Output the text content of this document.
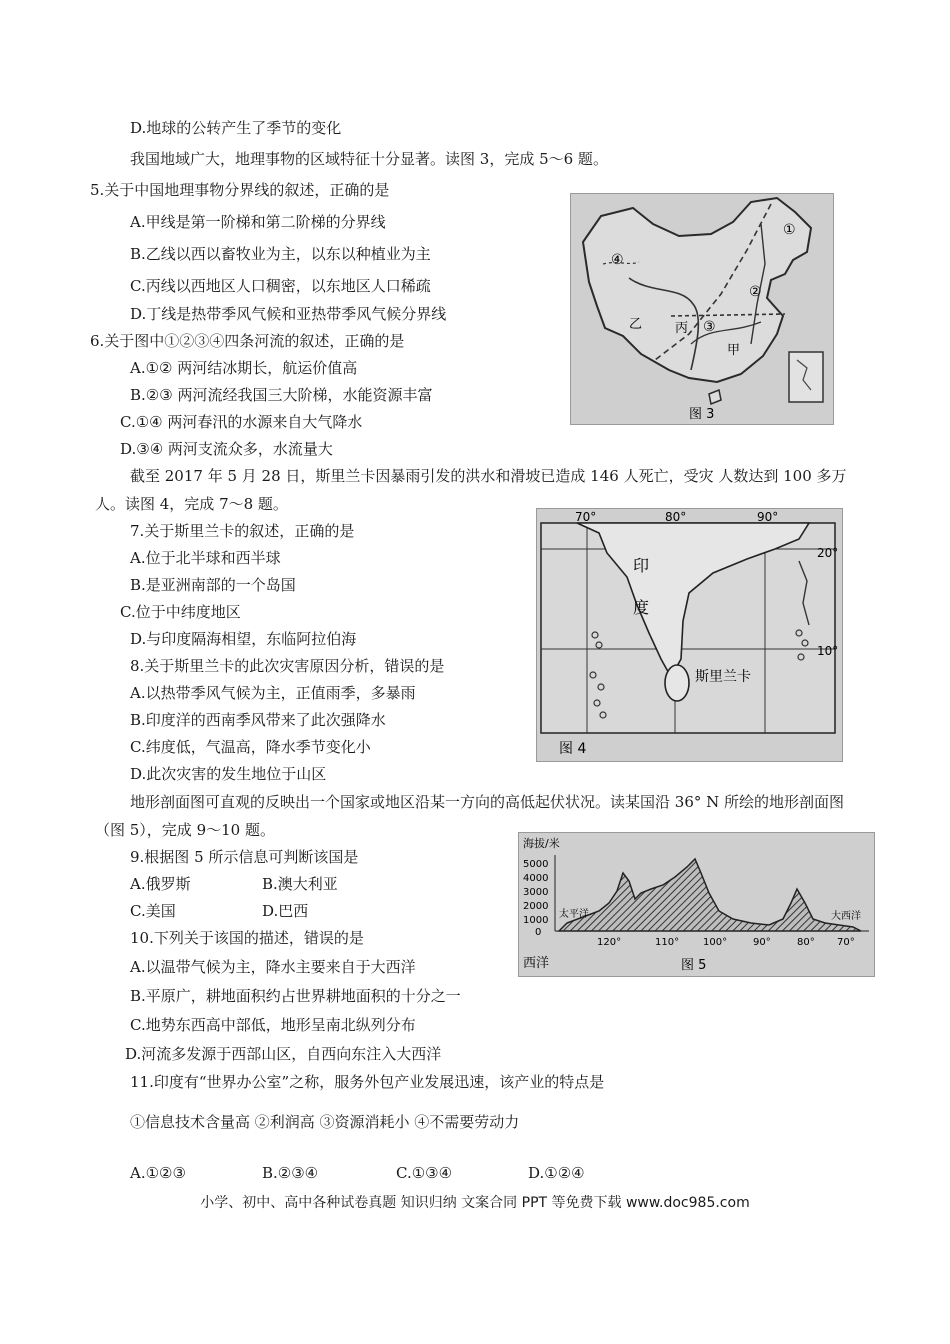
D.地球的公转产生了季节的变化
我国地域广大，地理事物的区域特征十分显著。读图 3，完成 5～6 题。
5.关于中国地理事物分界线的叙述，正确的是
A.甲线是第一阶梯和第二阶梯的分界线
B.乙线以西以畜牧业为主，以东以种植业为主
C.丙线以西地区人口稠密，以东地区人口稀疏
D.丁线是热带季风气候和亚热带季风气候分界线
6.关于图中①②③④四条河流的叙述，正确的是
A.①② 两河结冰期长，航运价值高
B.②③ 两河流经我国三大阶梯，水能资源丰富
C.①④ 两河春汛的水源来自大气降水
D.③④ 两河支流众多，水流量大
截至 2017 年 5 月 28 日，斯里兰卡因暴雨引发的洪水和滑坡已造成 146 人死亡，受灾 人数达到 100 多万人。读图 4，完成 7～8 题。
7.关于斯里兰卡的叙述，正确的是
A.位于北半球和西半球
B.是亚洲南部的一个岛国
C.位于中纬度地区
D.与印度隔海相望，东临阿拉伯海
8.关于斯里兰卡的此次灾害原因分析，错误的是
A.以热带季风气候为主，正值雨季，多暴雨
B.印度洋的西南季风带来了此次强降水
C.纬度低，气温高，降水季节变化小
D.此次灾害的发生地位于山区
地形剖面图可直观的反映出一个国家或地区沿某一方向的高低起伏状况。读某国沿 36° N 所绘的地形剖面图（图 5），完成 9～10 题。
9.根据图 5 所示信息可判断该国是
A.俄罗斯	B.澳大利亚
C.美国	D.巴西
10.下列关于该国的描述，错误的是
A.以温带气候为主，降水主要来自于大西洋
B.平原广，耕地面积约占世界耕地面积的十分之一
C.地势东西高中部低，地形呈南北纵列分布
D.河流多发源于西部山区，自西向东注入大西洋
11.印度有“世界办公室”之称，服务外包产业发展迅速，该产业的特点是
①信息技术含量高 ②利润高 ③资源消耗小 ④不需要劳动力
A.①②③	B.②③④	C.①③④	D.①②④
①
②
③
④
乙	丙
甲
图 3
70°	80°	90°
20°
10°
印
度
斯里兰卡
图 4
海拔/米
5000
4000
3000
2000
1000
0
太平洋	大西洋
120°	110° 100°	90°	80° 70°
西洋	图 5
小学、初中、高中各种试卷真题 知识归纳 文案合同 PPT 等免费下载 www.doc985.com
